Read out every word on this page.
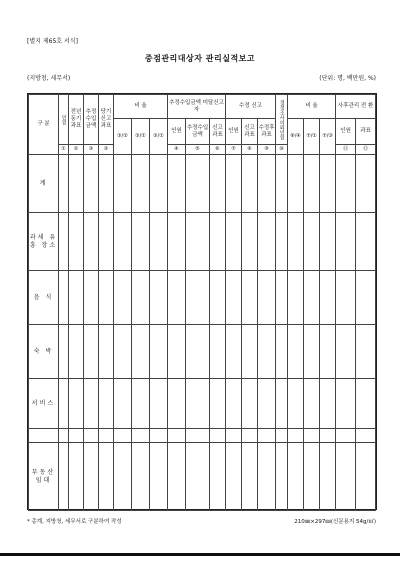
[별지 제65호 서식]
중점관리대상자 관리실적보고
(지방청, 세무서)	(단위: 명, 백만원, %)
구 분	인원	전년동기과표	추정수입금액	당기신고과표	비 율			추정수입금액 미달신고자			수정 신고			경정조사의뢰인원	비 율			사후관리 전 환	
					③/②	③/①	③/①	인원	추정수입금액	신고과표	인원	신고과표	수정후과표		⑧/④	⑦/①	⑦/③	인원	과표
	①	②	③	③				④	⑤	⑥	⑦	⑧	⑨	⑩				⑪	⑫
계																			
과세 유흥 장소																			
음 식																			
숙 박																			
서비스																			

부동산 임대																			
* 총계, 지방청, 세무서로 구분하여 작성	210㎜×297㎜(신문용지 54g/㎡)
